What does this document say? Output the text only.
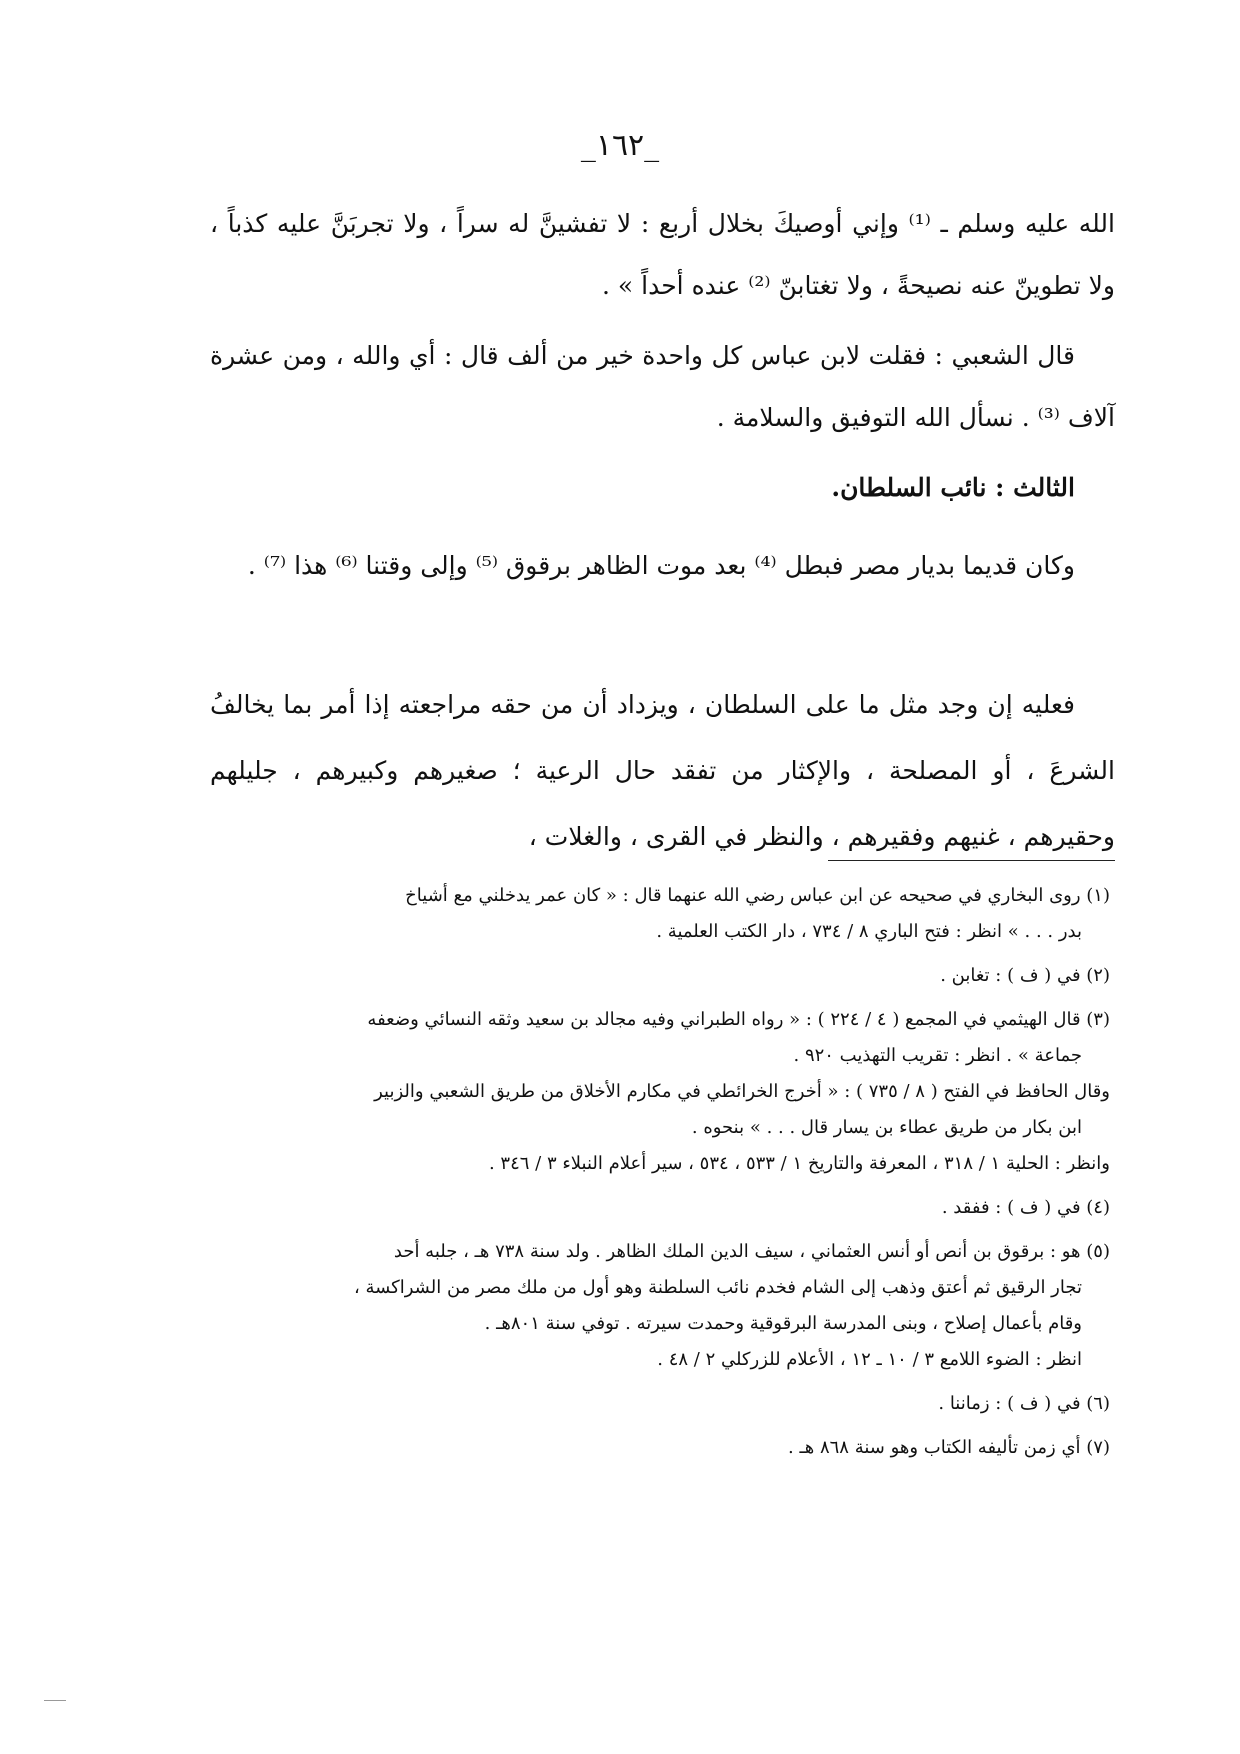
_١٦٢_

الله عليه وسلم ـ ⁽¹⁾ وإني أوصيكَ بخلال أربع : لا تفشينَّ له سراً ، ولا تجربَنَّ عليه كذباً ، ولا تطوينّ عنه نصيحةً ، ولا تغتابنّ ⁽²⁾ عنده أحداً » .

قال الشعبي : فقلت لابن عباس كل واحدة خير من ألف قال : أي والله ، ومن عشرة آلاف ⁽³⁾ . نسأل الله التوفيق والسلامة .

الثالث : نائب السلطان.

وكان قديما بديار مصر فبطل ⁽⁴⁾ بعد موت الظاهر برقوق ⁽⁵⁾ وإلى وقتنا ⁽⁶⁾ هذا ⁽⁷⁾ .

فعليه إن وجد مثل ما على السلطان ، ويزداد أن من حقه مراجعته إذا أمر بما يخالفُ الشرعَ ، أو المصلحة ، والإكثار من تفقد حال الرعية ؛ صغيرهم وكبيرهم ، جليلهم وحقيرهم ، غنيهم وفقيرهم ، والنظر في القرى ، والغلات ،

(١) روى البخاري في صحيحه عن ابن عباس رضي الله عنهما قال : « كان عمر يدخلني مع أشياخ
بدر . . . » انظر : فتح الباري ٨ / ٧٣٤ ، دار الكتب العلمية .
(٢) في ( ف ) : تغابن .
(٣) قال الهيثمي في المجمع ( ٤ / ٢٢٤ ) : « رواه الطبراني وفيه مجالد بن سعيد وثقه النسائي وضعفه
جماعة » . انظر : تقريب التهذيب ٩٢٠ .
وقال الحافظ في الفتح ( ٨ / ٧٣٥ ) : « أخرج الخرائطي في مكارم الأخلاق من طريق الشعبي والزبير
ابن بكار من طريق عطاء بن يسار قال . . . » بنحوه .
وانظر : الحلية ١ / ٣١٨ ، المعرفة والتاريخ ١ / ٥٣٣ ، ٥٣٤ ، سير أعلام النبلاء ٣ / ٣٤٦ .
(٤) في ( ف ) : ففقد .
(٥) هو : برقوق بن أنص أو أنس العثماني ، سيف الدين الملك الظاهر . ولد سنة ٧٣٨ هـ ، جلبه أحد
تجار الرقيق ثم أعتق وذهب إلى الشام فخدم نائب السلطنة وهو أول من ملك مصر من الشراكسة ،
وقام بأعمال إصلاح ، وبنى المدرسة البرقوقية وحمدت سيرته . توفي سنة ٨٠١هـ .
انظر : الضوء اللامع ٣ / ١٠ ـ ١٢ ، الأعلام للزركلي ٢ / ٤٨ .
(٦) في ( ف ) : زماننا .
(٧) أي زمن تأليفه الكتاب وهو سنة ٨٦٨ هـ .
